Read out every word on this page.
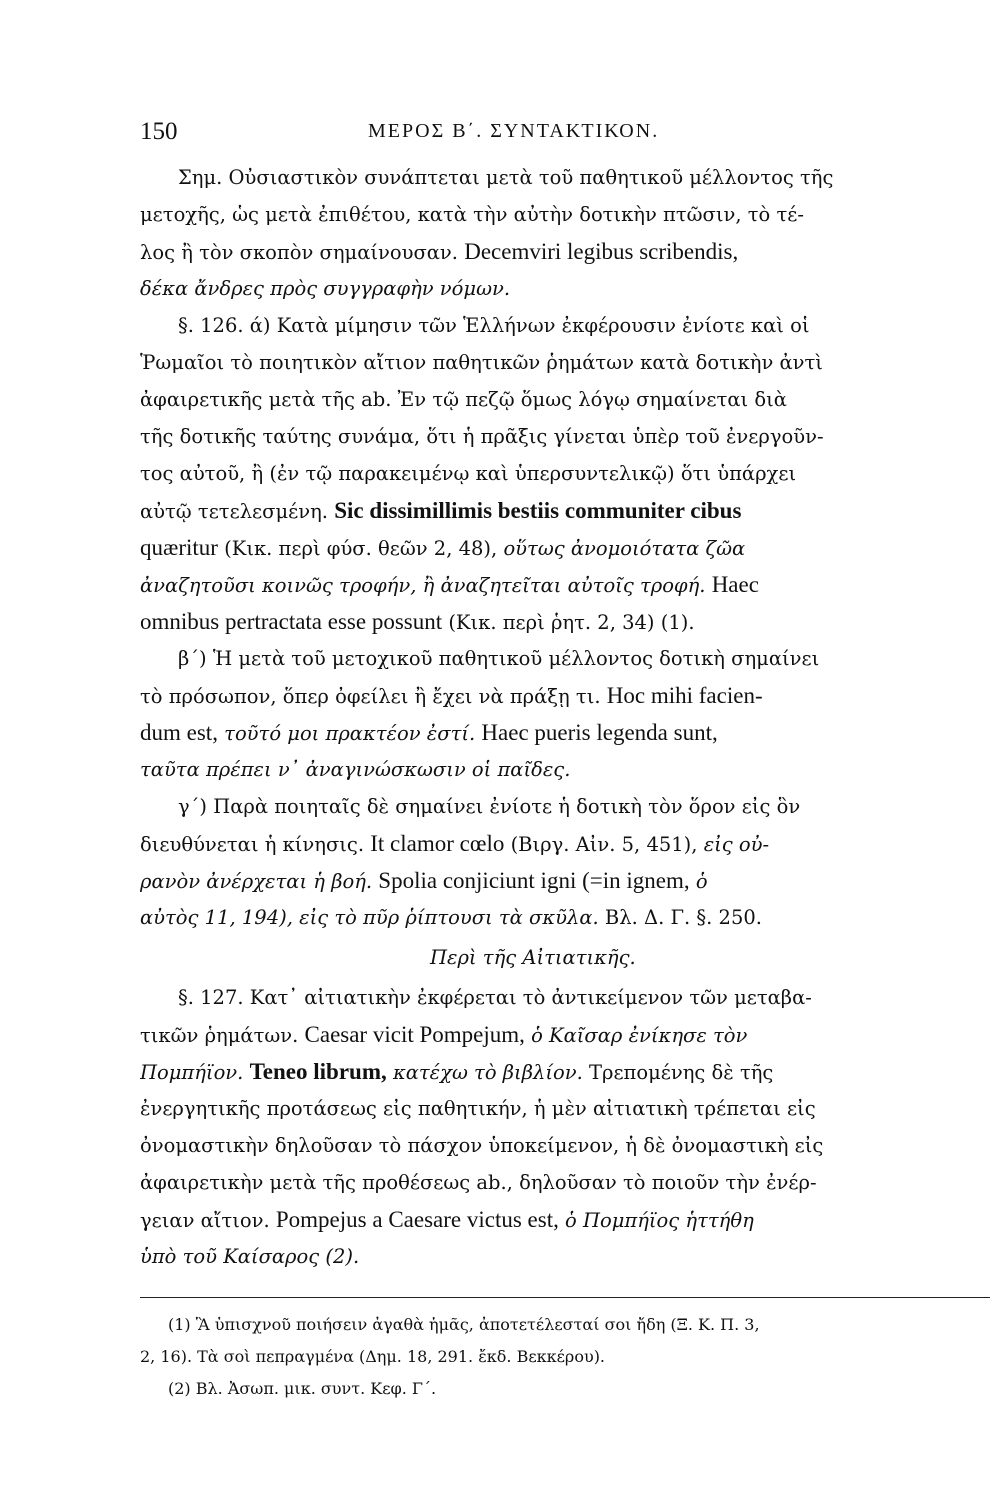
150	ΜΕΡΟΣ Β΄. ΣΥΝΤΑΚΤΙΚΟΝ.

Σημ. Οὐσιαστικὸν συνάπτεται μετὰ τοῦ παθητικοῦ μέλλοντος τῆς

μετοχῆς, ὡς μετὰ ἐπιθέτου, κατὰ τὴν αὐτὴν δοτικὴν πτῶσιν, τὸ τέ-

λος ἢ τὸν σκοπὸν σημαίνουσαν. Decemviri legibus scribendis,

δέκα ἄνδρες πρὸς συγγραφὴν νόμων.

§. 126. ά) Κατὰ μίμησιν τῶν Ἑλλήνων ἐκφέρουσιν ἐνίοτε καὶ οἱ

Ῥωμαῖοι τὸ ποιητικὸν αἴτιον παθητικῶν ῥημάτων κατὰ δοτικὴν ἀντὶ

ἀφαιρετικῆς μετὰ τῆς ab. Ἐν τῷ πεζῷ ὅμως λόγῳ σημαίνεται διὰ

τῆς δοτικῆς ταύτης συνάμα, ὅτι ἡ πρᾶξις γίνεται ὑπὲρ τοῦ ἐνεργοῦν-

τος αὐτοῦ, ἢ (ἐν τῷ παρακειμένῳ καὶ ὑπερσυντελικῷ) ὅτι ὑπάρχει

αὐτῷ τετελεσμένη. Sic dissimillimis bestiis communiter cibus

quæritur (Κικ. περὶ φύσ. θεῶν 2, 48), οὕτως ἀνομοιότατα ζῶα

ἀναζητοῦσι κοινῶς τροφήν, ἢ ἀναζητεῖται αὐτοῖς τροφή. Haec

omnibus pertractata esse possunt (Κικ. περὶ ῥητ. 2, 34) (1).

β΄) Ἡ μετὰ τοῦ μετοχικοῦ παθητικοῦ μέλλοντος δοτικὴ σημαίνει

τὸ πρόσωπον, ὅπερ ὀφείλει ἢ ἔχει νὰ πράξῃ τι. Hoc mihi facien-

dum est, τοῦτό μοι πρακτέον ἐστί. Haec pueris legenda sunt,

ταῦτα πρέπει ν᾽ ἀναγινώσκωσιν οἱ παῖδες.

γ΄) Παρὰ ποιηταῖς δὲ σημαίνει ἐνίοτε ἡ δοτικὴ τὸν ὅρον εἰς ὃν

διευθύνεται ἡ κίνησις. It clamor cœlo (Βιργ. Αἰν. 5, 451), εἰς οὐ-

ρανὸν ἀνέρχεται ἡ βοή. Spolia conjiciunt igni (=in ignem, ὁ

αὐτὸς 11, 194), εἰς τὸ πῦρ ῥίπτουσι τὰ σκῦλα. Βλ. Δ. Γ. §. 250.

Περὶ τῆς Αἰτιατικῆς.

§. 127. Κατ᾽ αἰτιατικὴν ἐκφέρεται τὸ ἀντικείμενον τῶν μεταβα-

τικῶν ῥημάτων. Caesar vicit Pompejum, ὁ Καῖσαρ ἐνίκησε τὸν

Πομπήϊον. Teneo librum, κατέχω τὸ βιβλίον. Τρεπομένης δὲ τῆς

ἐνεργητικῆς προτάσεως εἰς παθητικήν, ἡ μὲν αἰτιατικὴ τρέπεται εἰς

ὀνομαστικὴν δηλοῦσαν τὸ πάσχον ὑποκείμενον, ἡ δὲ ὀνομαστικὴ εἰς

ἀφαιρετικὴν μετὰ τῆς προθέσεως ab., δηλοῦσαν τὸ ποιοῦν τὴν ἐνέρ-

γειαν αἴτιον. Pompejus a Caesare victus est, ὁ Πομπήϊος ἡττήθη

ὑπὸ τοῦ Καίσαρος (2).

(1) Ἃ ὑπισχνοῦ ποιήσειν ἀγαθὰ ἡμᾶς, ἀποτετέλεσταί σοι ἤδη (Ξ. Κ. Π. 3,

2, 16). Τὰ σοὶ πεπραγμένα (Δημ. 18, 291. ἔκδ. Βεκκέρου).

(2) Βλ. Ἀσωπ. μικ. συντ. Κεφ. Γ΄.
